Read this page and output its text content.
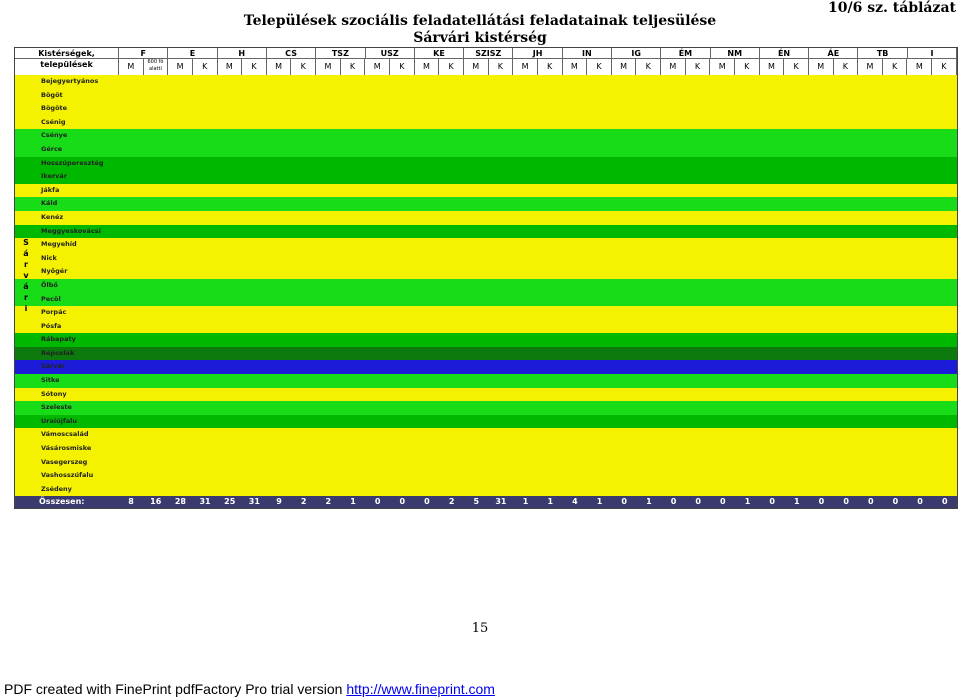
Települések szociális feladatellátási feladatainak teljesülése
Sárvári kistérség
10/6 sz. táblázat
Kistérségek, települések
F	E	H	CS	TSZ	USZ	KE	SZISZ	JH	IN	IG	ÉM	NM	ÉN	ÁE	TB	I
M	600 fő alatti	M	K	M	K	M	K	M	K	M	K	M	K	M	K	M	K	M	K	M	K	M	K	M	K	M	K	M	K	M	K	M	K
Bejegyertyános
Bögöt
Bögöte
Csénig
Csénye
Gérce
Hosszúperesztég
Ikervár
Jákfa
Káld
Kenéz
Meggyeskovácsi
Megyehíd
Nick
Nyőgér
Ölbő
Pecöl
Porpác
Pósfa
Rábapaty
Répcelak
Sárvár
Sitke
Sótony
Szeleste
Uraiújfalu
Vámoscsalád
Vásárosmiske
Vasegerszeg
Vashosszúfalu
Zsédeny
Összesen:	8	16	28	31	25	31	9	2	2	1	0	0	0	2	5	31	1	1	4	1	0	1	0	0	0	1	0	1	0	0	0	0	0	0
15
PDF created with FinePrint pdfFactory Pro trial version http://www.fineprint.com
S
á
r
v
á
r
i
